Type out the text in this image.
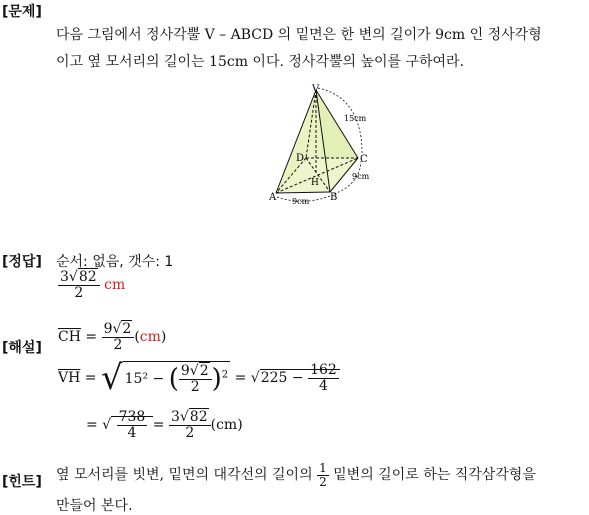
[문제]
다음 그림에서 정사각뿔 V – ABCD 의 밑면은 한 변의 길이가 9cm 인 정사각형
이고 옆 모서리의 길이는 15cm 이다. 정사각뿔의 높이를 구하여라.
V
A	B
C
D
H
15cm
9cm
9cm
[정답] 순서: 없음, 갯수: 1
$\frac{3√82}{2}$ cm
[해설]
$\overline{CH} = \frac{9√2}{2} (cm)$
$\overline{VH}$ = √ 15² − ( $\frac{9√2}{2} )^2 = √225 - \frac{162}{4}$
= √ $\frac{738}{4} = \frac{3√82}{2} (cm)$
[힌트] 옆 모서리를 빗변, 밑면의 대각선의 길이의 $\frac{1}{2}$ 밑변의 길이로 하는 직각삼각형을
만들어 본다.
